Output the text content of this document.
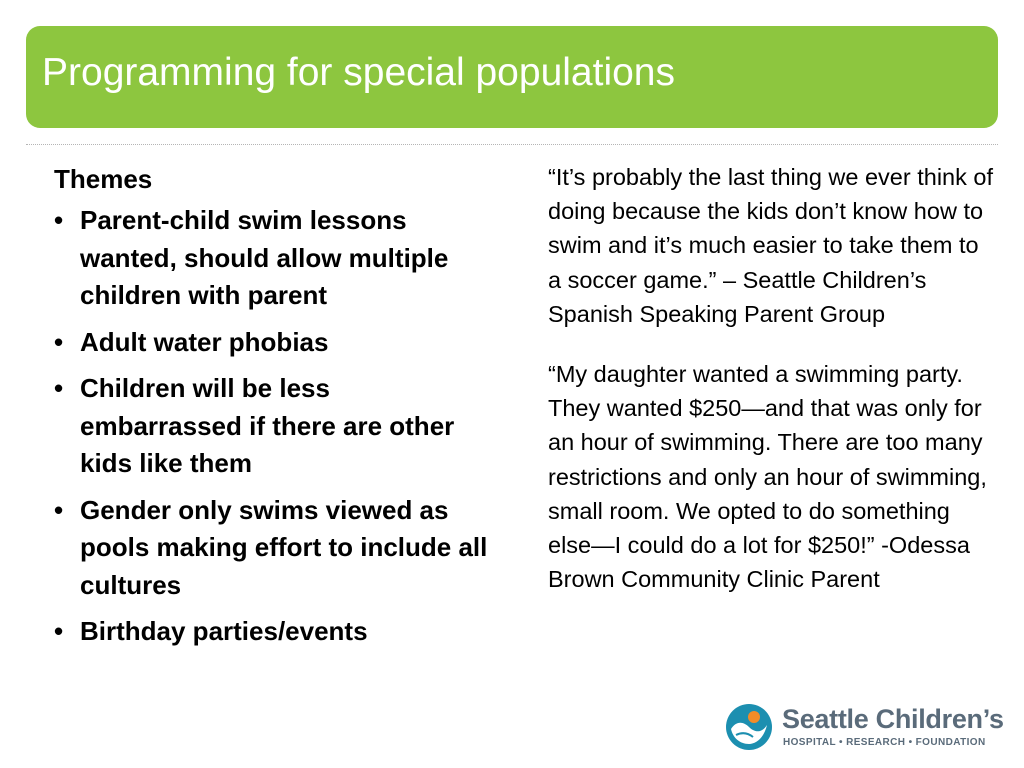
Programming for special populations
Themes
• Parent-child swim lessons wanted, should allow multiple children with parent
• Adult water phobias
• Children will be less embarrassed if there are other kids like them
• Gender only swims viewed as pools making effort to include all cultures
• Birthday parties/events

“It’s probably the last thing we ever think of doing because the kids don’t know how to swim and it’s much easier to take them to a soccer game.” – Seattle Children’s Spanish Speaking Parent Group

“My daughter wanted a swimming party. They wanted $250—and that was only for an hour of swimming. There are too many restrictions and only an hour of swimming, small room. We opted to do something else—I could do a lot for $250!” -Odessa Brown Community Clinic Parent

Seattle Children’s
HOSPITAL • RESEARCH • FOUNDATION
